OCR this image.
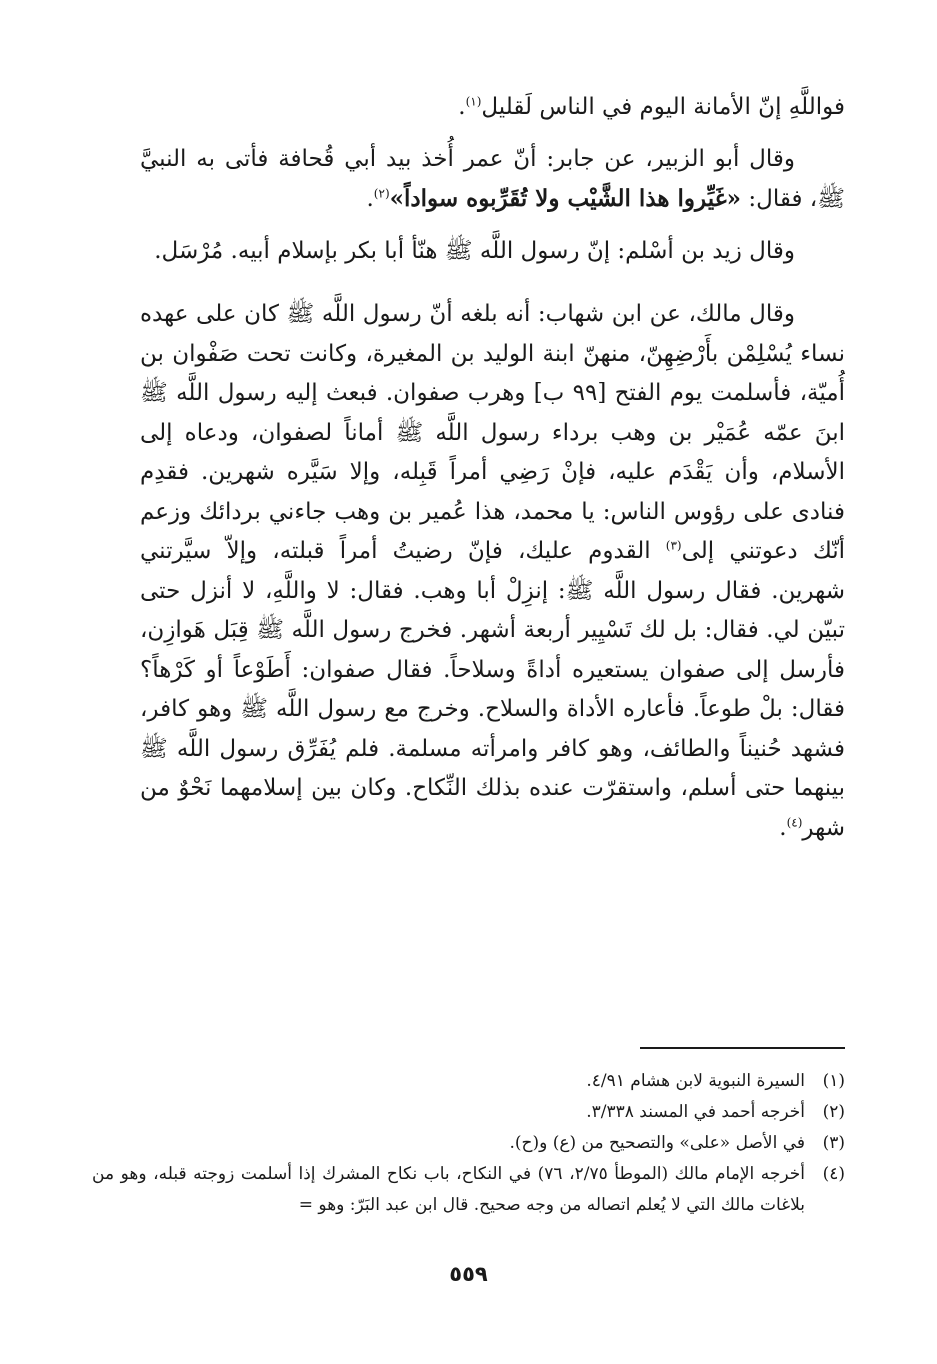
فواللَّهِ إنّ الأمانة اليوم في الناس لَقليل$^{(١)}$.

وقال أبو الزبير، عن جابر: أنّ عمر أُخذ بيد أبي قُحافة فأتى به النبيَّ ﷺ، فقال: «غَيِّروا هذا الشَّيْب ولا تُقَرِّبوه سواداً»$^{(٢)}$.

وقال زيد بن أسْلم: إنّ رسول اللَّه ﷺ هنّأ أبا بكر بإسلام أبيه. مُرْسَل.

وقال مالك، عن ابن شهاب: أنه بلغه أنّ رسول اللَّه ﷺ كان على عهده نساء يُسْلِمْن بأَرْضِهِنّ، منهنّ ابنة الوليد بن المغيرة، وكانت تحت صَفْوان بن أُميّة، فأسلمت يوم الفتح [٩٩ ب] وهرب صفوان. فبعث إليه رسول اللَّه ﷺ ابنَ عمّه عُمَيْر بن وهب برداء رسول اللَّه ﷺ أماناً لصفوان، ودعاه إلى الأسلام، وأن يَقْدَم عليه، فإنْ رَضِي أمراً قَبِله، وإلا سَيَّره شهرين. فقدِم فنادى على رؤوس الناس: يا محمد، هذا عُمير بن وهب جاءني بردائك وزعم أنّك دعوتني إلى$^{(٣)}$ القدوم عليك، فإنّ رضيتُ أمراً قبلته، وإلاّ سيَّرتني شهرين. فقال رسول اللَّه ﷺ: إنزِلْ أبا وهب. فقال: لا واللَّهِ، لا أنزل حتى تبيّن لي. فقال: بل لك تَسْيِير أربعة أشهر. فخرج رسول اللَّه ﷺ قِبَل هَوازِن، فأرسل إلى صفوان يستعيره أداةً وسلاحاً. فقال صفوان: أَطَوْعاً أو كَرْهاً؟ فقال: بلْ طوعاً. فأعاره الأداة والسلاح. وخرج مع رسول اللَّه ﷺ وهو كافر، فشهد حُنيناً والطائف، وهو كافر وامرأته مسلمة. فلم يُفَرِّق رسول اللَّه ﷺ بينهما حتى أسلم، واستقرّت عنده بذلك النِّكاح. وكان بين إسلامهما نَحْوٌ من شهر$^{(٤)}$.

(١)
السيرة النبوية لابن هشام ٤/٩١.
(٢)
أخرجه أحمد في المسند ٣/٣٣٨.
(٣)
في الأصل «على» والتصحيح من (ع) و(ح).
(٤)
أخرجه الإمام مالك (الموطأ ٢/٧٥، ٧٦) في النكاح، باب نكاح المشرك إذا أسلمت زوجته قبله، وهو من بلاغات مالك التي لا يُعلم اتصاله من وجه صحيح. قال ابن عبد البَرّ: وهو =
٥٥٩
